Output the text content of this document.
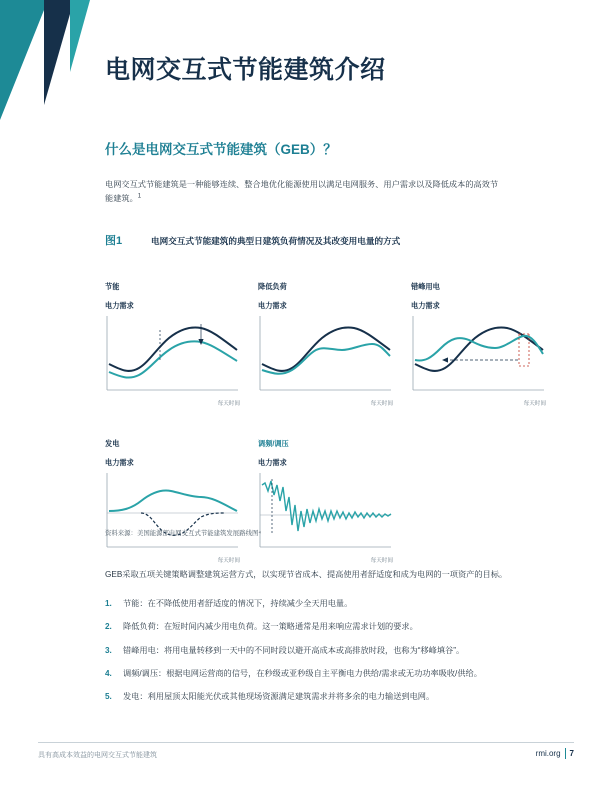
电网交互式节能建筑介绍
什么是电网交互式节能建筑（GEB）？
电网交互式节能建筑是一种能够连续、整合地优化能源使用以满足电网服务、用户需求以及降低成本的高效节能建筑。$^1$
图1	电网交互式节能建筑的典型日建筑负荷情况及其改变用电量的方式

节能

电力需求

每天时间

降低负荷

电力需求

每天时间

错峰用电

电力需求

每天时间

发电

电力需求

每天时间

调频/调压

电力需求

每天时间
资料来源：美国能源部电网交互式节能建筑发展路线图⁴
GEB采取五项关键策略调整建筑运营方式，以实现节省成本、提高使用者舒适度和成为电网的一项资产的目标。
1.	节能：在不降低使用者舒适度的情况下，持续减少全天用电量。
2.	降低负荷：在短时间内减少用电负荷。这一策略通常是用来响应需求计划的要求。
3.	错峰用电：将用电量转移到一天中的不同时段以避开高成本或高排放时段，也称为“移峰填谷”。
4.	调频/调压：根据电网运营商的信号，在秒级或亚秒级自主平衡电力供给/需求或无功功率吸收/供给。
5.	发电：利用屋顶太阳能光伏或其他现场资源满足建筑需求并将多余的电力输送到电网。
具有高成本效益的电网交互式节能建筑	rmi.org 7
